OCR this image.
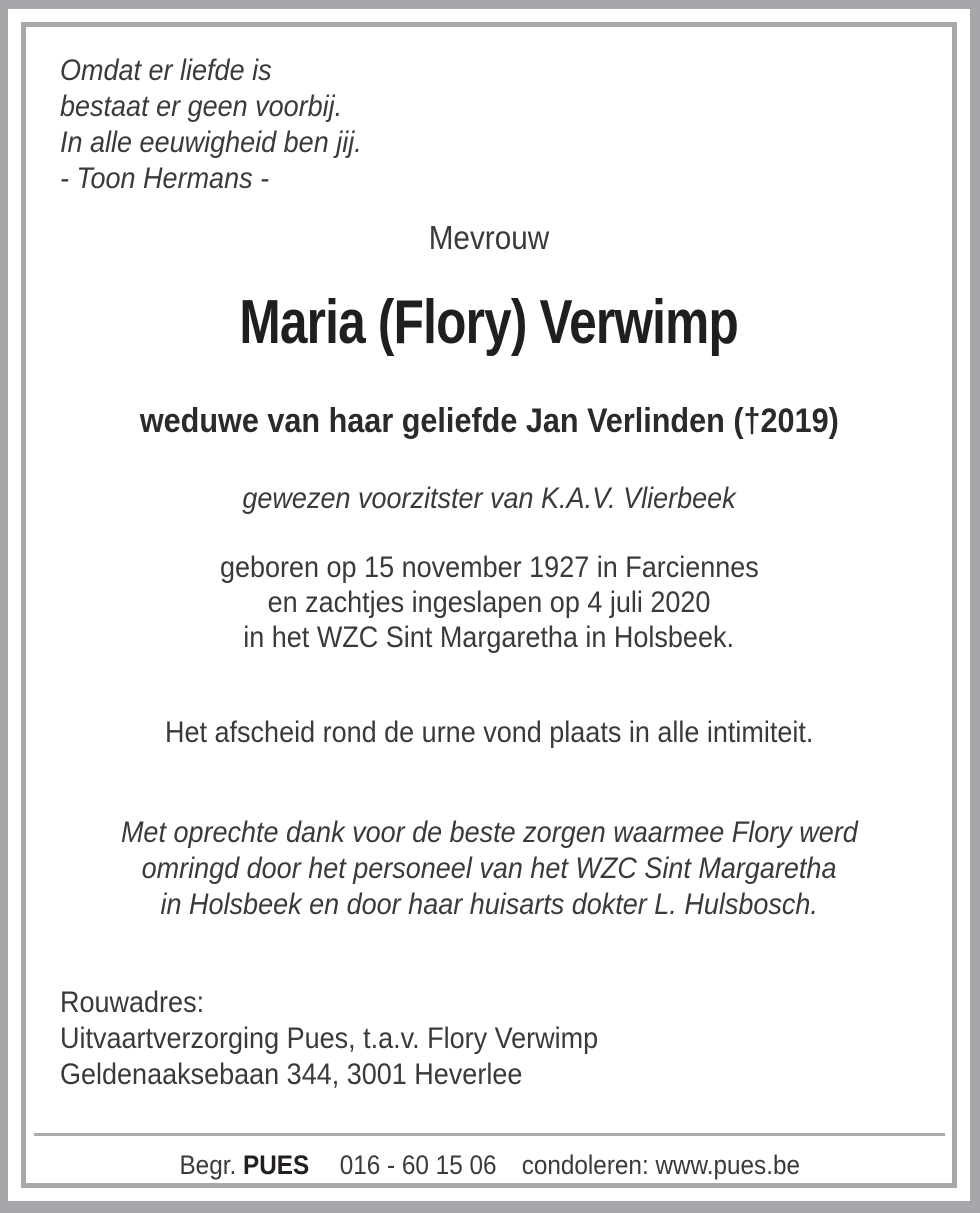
Omdat er liefde is
bestaat er geen voorbij.
In alle eeuwigheid ben jij.
- Toon Hermans -
Mevrouw
Maria (Flory) Verwimp
weduwe van haar geliefde Jan Verlinden (†2019)
gewezen voorzitster van K.A.V. Vlierbeek
geboren op 15 november 1927 in Farciennes
en zachtjes ingeslapen op 4 juli 2020
in het WZC Sint Margaretha in Holsbeek.
Het afscheid rond de urne vond plaats in alle intimiteit.
Met oprechte dank voor de beste zorgen waarmee Flory werd
omringd door het personeel van het WZC Sint Margaretha
in Holsbeek en door haar huisarts dokter L. Hulsbosch.
Rouwadres:
Uitvaartverzorging Pues, t.a.v. Flory Verwimp
Geldenaaksebaan 344, 3001 Heverlee
Begr. PUES 016 - 60 15 06 condoleren: www.pues.be
